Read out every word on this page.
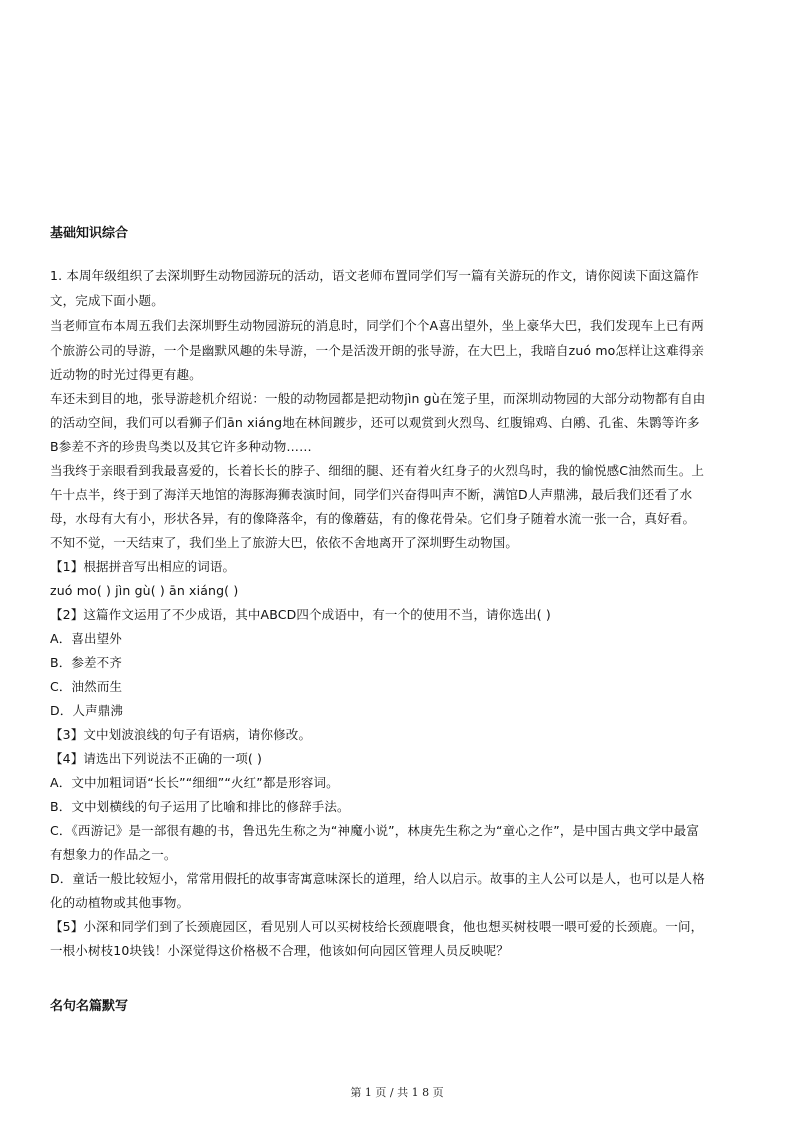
基础知识综合
1. 本周年级组织了去深圳野生动物园游玩的活动，语文老师布置同学们写一篇有关游玩的作文，请你阅读下面这篇作
文，完成下面小题。
当老师宣布本周五我们去深圳野生动物园游玩的消息时，同学们个个A喜出望外，坐上豪华大巴，我们发现车上已有两
个旅游公司的导游，一个是幽默风趣的朱导游，一个是活泼开朗的张导游，在大巴上，我暗自zuó mo怎样让这难得亲
近动物的时光过得更有趣。
车还未到目的地，张导游趁机介绍说：一般的动物园都是把动物jìn gù在笼子里，而深圳动物园的大部分动物都有自由
的活动空间，我们可以看狮子们ān xiáng地在林间踱步，还可以观赏到火烈鸟、红腹锦鸡、白鹇、孔雀、朱鹮等许多
B参差不齐的珍贵鸟类以及其它许多种动物……
当我终于亲眼看到我最喜爱的，长着长长的脖子、细细的腿、还有着火红身子的火烈鸟时，我的愉悦感C油然而生。上
午十点半，终于到了海洋天地馆的海豚海狮表演时间，同学们兴奋得叫声不断，满馆D人声鼎沸，最后我们还看了水
母，水母有大有小，形状各异，有的像降落伞，有的像蘑菇，有的像花骨朵。它们身子随着水流一张一合，真好看。
不知不觉，一天结束了，我们坐上了旅游大巴，依依不舍地离开了深圳野生动物国。
【1】根据拼音写出相应的词语。
zuó mo( ) jìn gù( ) ān xiáng( )
【2】这篇作文运用了不少成语，其中ABCD四个成语中，有一个的使用不当，请你选出( )
A．喜出望外
B．参差不齐
C．油然而生
D．人声鼎沸
【3】文中划波浪线的句子有语病，请你修改。
【4】请选出下列说法不正确的一项( )
A．文中加粗词语“长长”“细细”“火红”都是形容词。
B．文中划横线的句子运用了比喻和排比的修辞手法。
C．《西游记》是一部很有趣的书，鲁迅先生称之为“神魔小说”，林庚先生称之为“童心之作”，是中国古典文学中最富
有想象力的作品之一。
D．童话一般比较短小，常常用假托的故事寄寓意味深长的道理，给人以启示。故事的主人公可以是人，也可以是人格
化的动植物或其他事物。
【5】小深和同学们到了长颈鹿园区，看见别人可以买树枝给长颈鹿喂食，他也想买树枝喂一喂可爱的长颈鹿。一问，
一根小树枝10块钱！小深觉得这价格极不合理，他该如何向园区管理人员反映呢？
名句名篇默写
第 1 页 / 共 1 8 页
